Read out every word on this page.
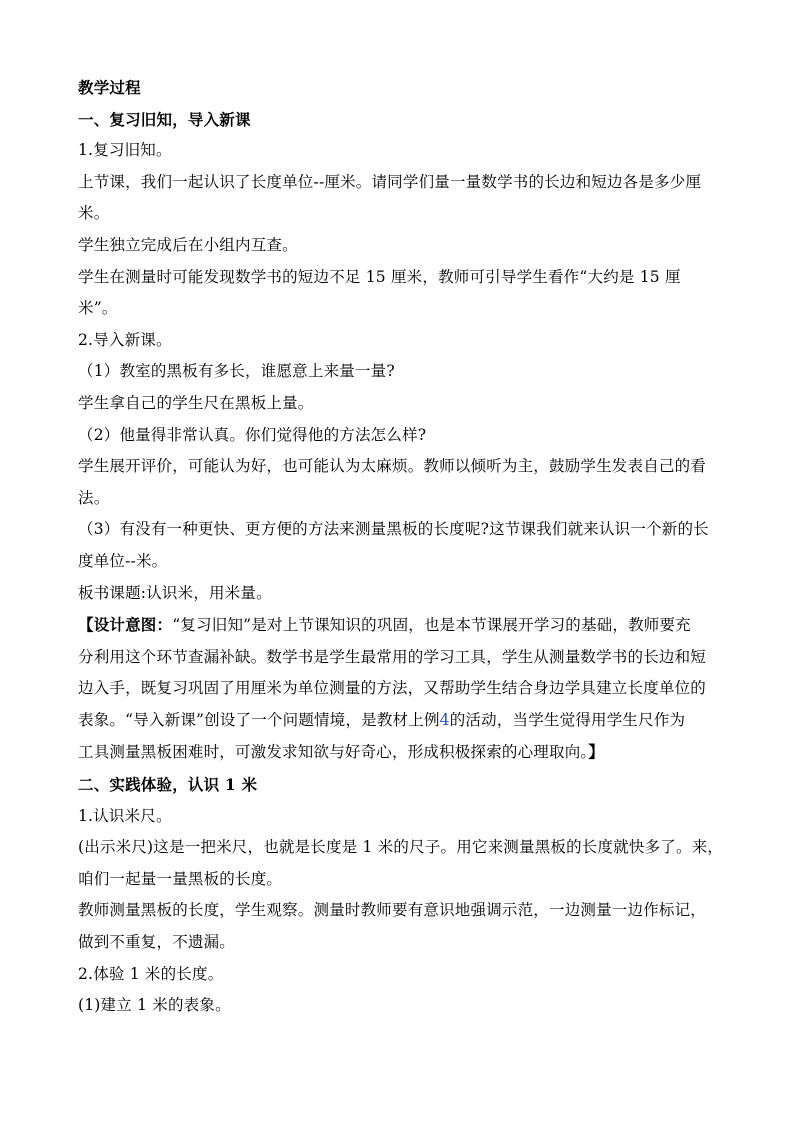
教学过程
一、复习旧知，导入新课
1.复习旧知。
上节课，我们一起认识了长度单位--厘米。请同学们量一量数学书的长边和短边各是多少厘
米。
学生独立完成后在小组内互查。
学生在测量时可能发现数学书的短边不足 15 厘米，教师可引导学生看作“大约是 15 厘
米”。
2.导入新课。
（1）教室的黑板有多长，谁愿意上来量一量?
学生拿自己的学生尺在黑板上量。
（2）他量得非常认真。你们觉得他的方法怎么样?
学生展开评价，可能认为好，也可能认为太麻烦。教师以倾听为主，鼓励学生发表自己的看
法。
（3）有没有一种更快、更方便的方法来测量黑板的长度呢?这节课我们就来认识一个新的长
度单位--米。
板书课题:认识米，用米量。
【设计意图：“复习旧知”是对上节课知识的巩固，也是本节课展开学习的基础，教师要充
分利用这个环节查漏补缺。数学书是学生最常用的学习工具，学生从测量数学书的长边和短
边入手，既复习巩固了用厘米为单位测量的方法，又帮助学生结合身边学具建立长度单位的
表象。“导入新课”创设了一个问题情境，是教材上例4的活动，当学生觉得用学生尺作为
工具测量黑板困难时，可激发求知欲与好奇心，形成积极探索的心理取向。】
二、实践体验，认识 1 米
1.认识米尺。
(出示米尺)这是一把米尺，也就是长度是 1 米的尺子。用它来测量黑板的长度就快多了。来，
咱们一起量一量黑板的长度。
教师测量黑板的长度，学生观察。测量时教师要有意识地强调示范，一边测量一边作标记，
做到不重复，不遗漏。
2.体验 1 米的长度。
(1)建立 1 米的表象。
